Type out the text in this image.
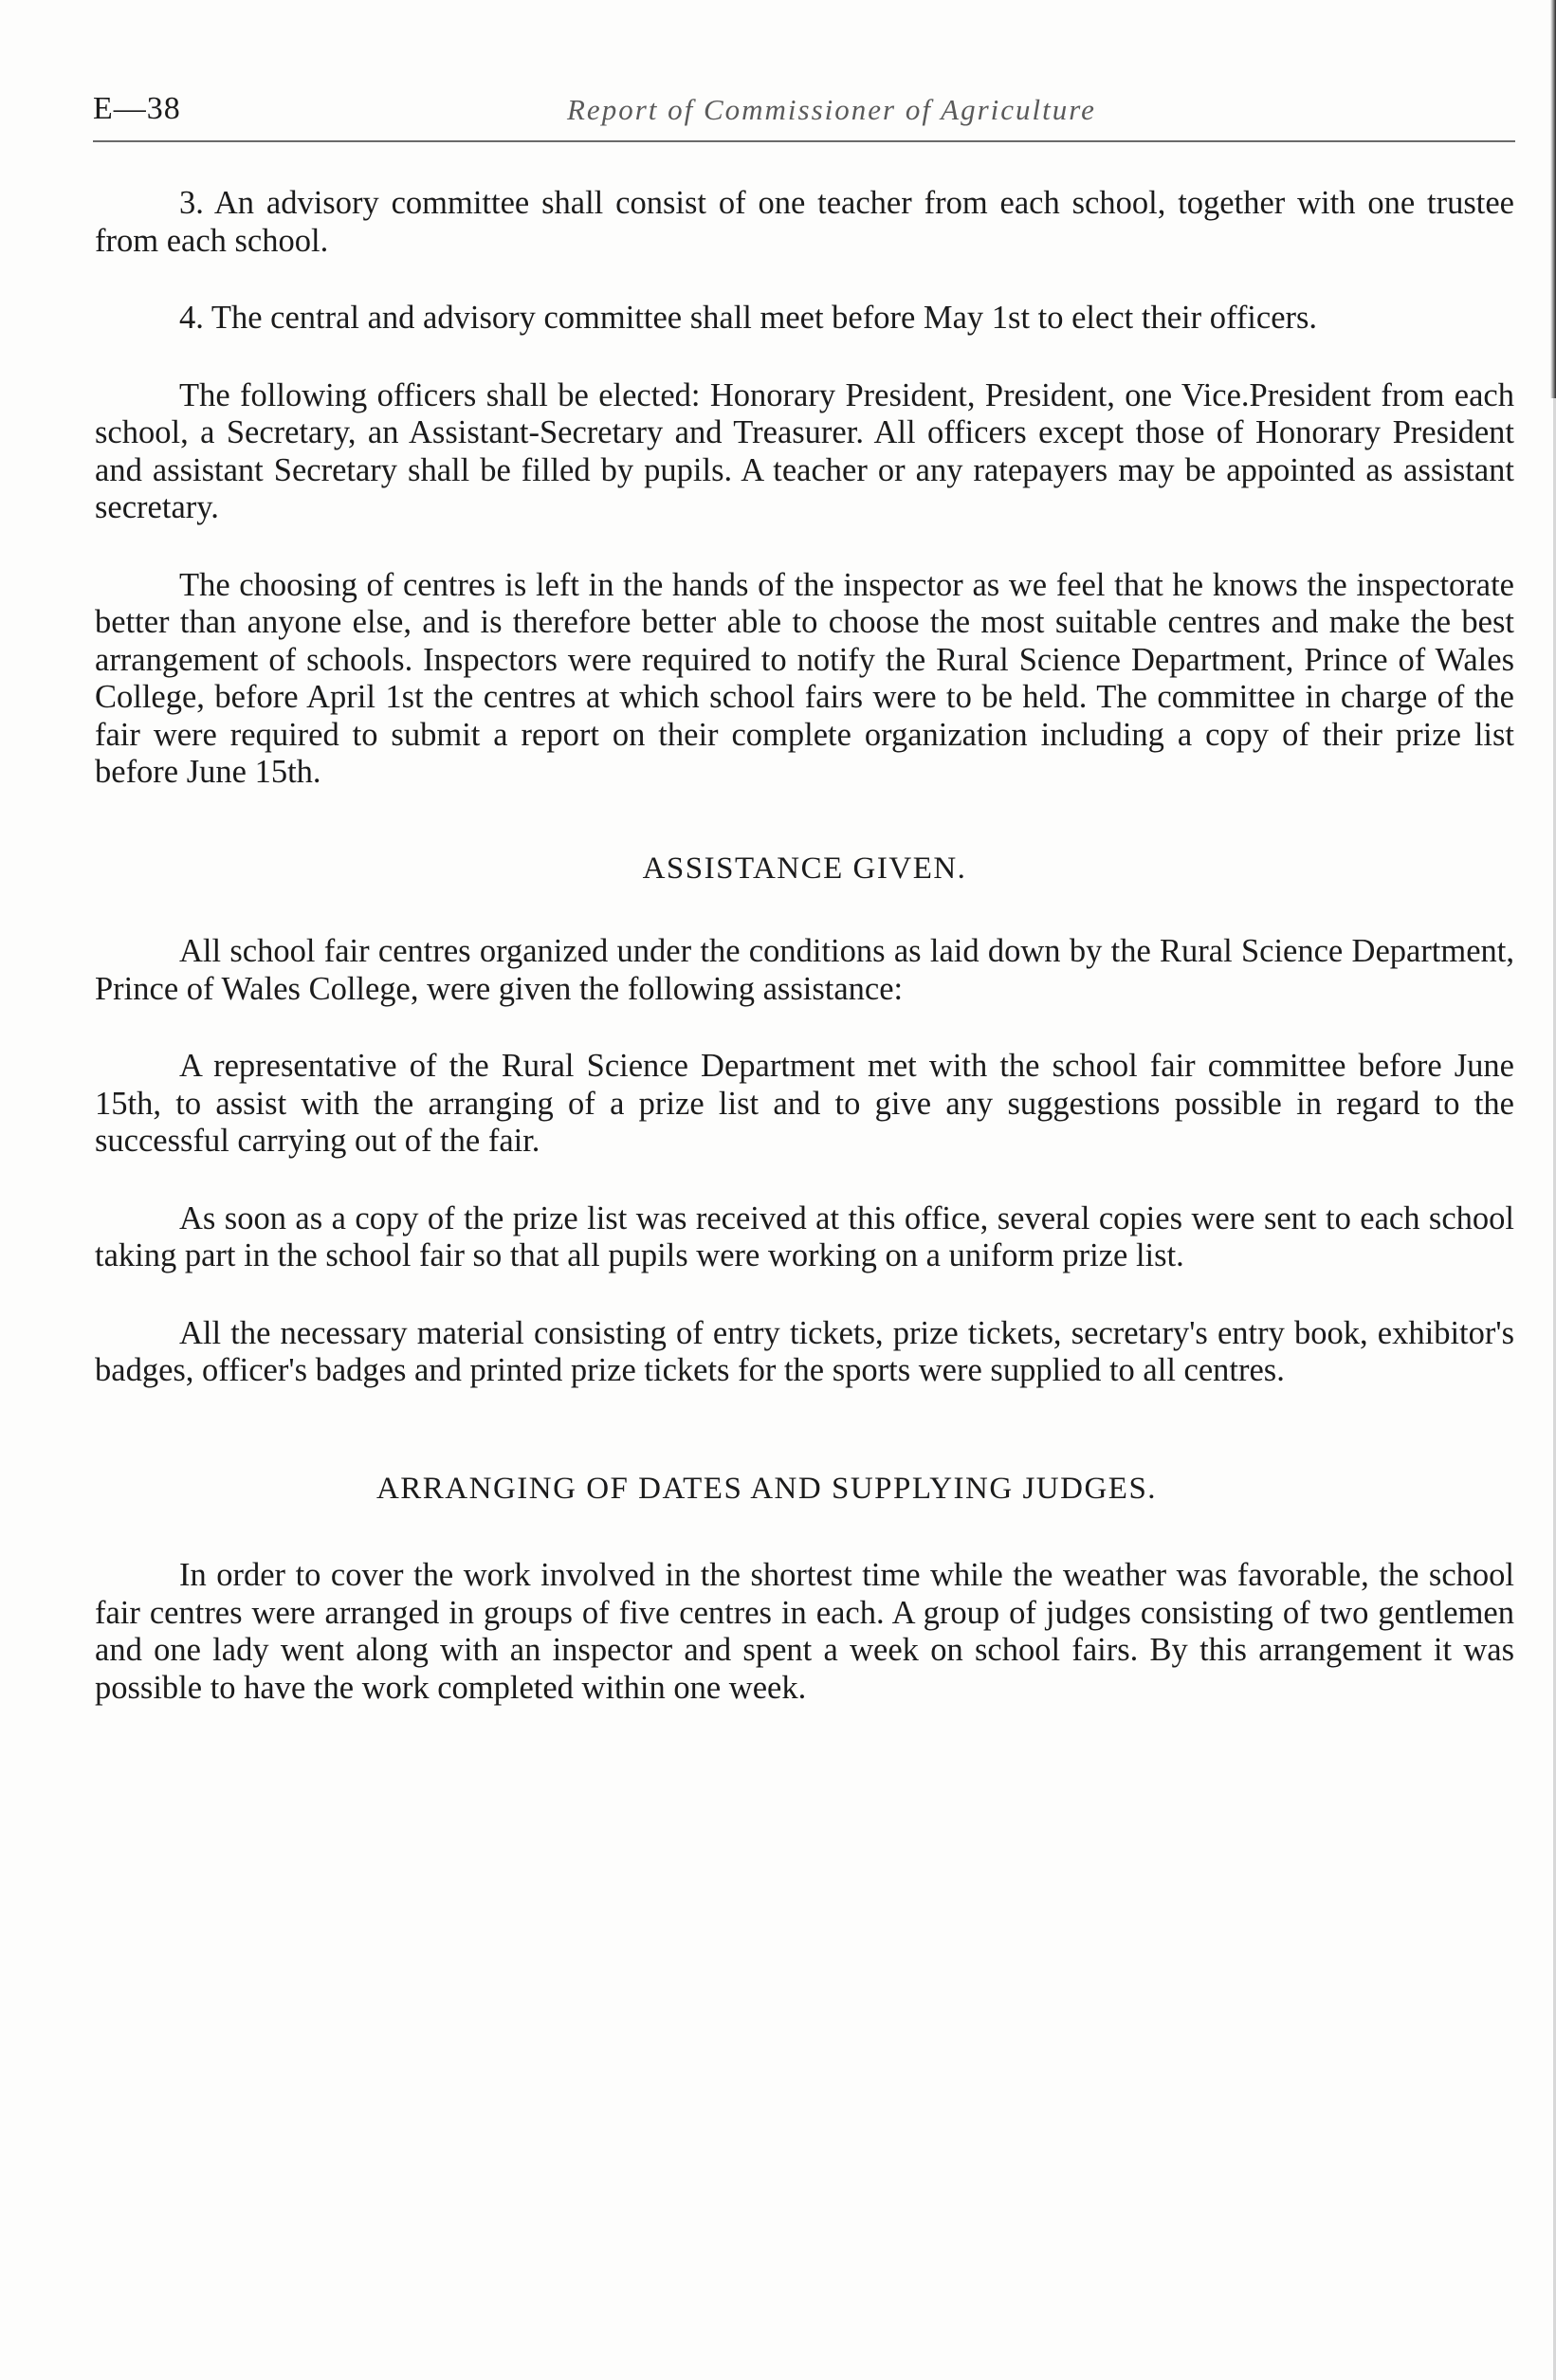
E—38	Report of Commissioner of Agriculture

3. An advisory committee shall consist of one teacher from each school, together with one trustee from each school.

4. The central and advisory committee shall meet before May 1st to elect their officers.

The following officers shall be elected: Honorary President, President, one Vice.President from each school, a Secretary, an Assistant-Secretary and Treasurer. All officers except those of Honorary President and assistant Secretary shall be filled by pupils. A teacher or any ratepayers may be appointed as assistant secretary.

The choosing of centres is left in the hands of the inspector as we feel that he knows the inspectorate better than anyone else, and is therefore better able to choose the most suitable centres and make the best arrangement of schools. Inspectors were required to notify the Rural Science Department, Prince of Wales College, before April 1st the centres at which school fairs were to be held. The committee in charge of the fair were required to submit a report on their complete organization including a copy of their prize list before June 15th.

ASSISTANCE GIVEN.

All school fair centres organized under the conditions as laid down by the Rural Science Department, Prince of Wales College, were given the following assistance:

A representative of the Rural Science Department met with the school fair committee before June 15th, to assist with the arranging of a prize list and to give any suggestions possible in regard to the successful carrying out of the fair.

As soon as a copy of the prize list was received at this office, several copies were sent to each school taking part in the school fair so that all pupils were working on a uniform prize list.

All the necessary material consisting of entry tickets, prize tickets, secretary's entry book, exhibitor's badges, officer's badges and printed prize tickets for the sports were supplied to all centres.

ARRANGING OF DATES AND SUPPLYING JUDGES.

In order to cover the work involved in the shortest time while the weather was favorable, the school fair centres were arranged in groups of five centres in each. A group of judges consisting of two gentlemen and one lady went along with an inspector and spent a week on school fairs. By this arrangement it was possible to have the work completed within one week.
